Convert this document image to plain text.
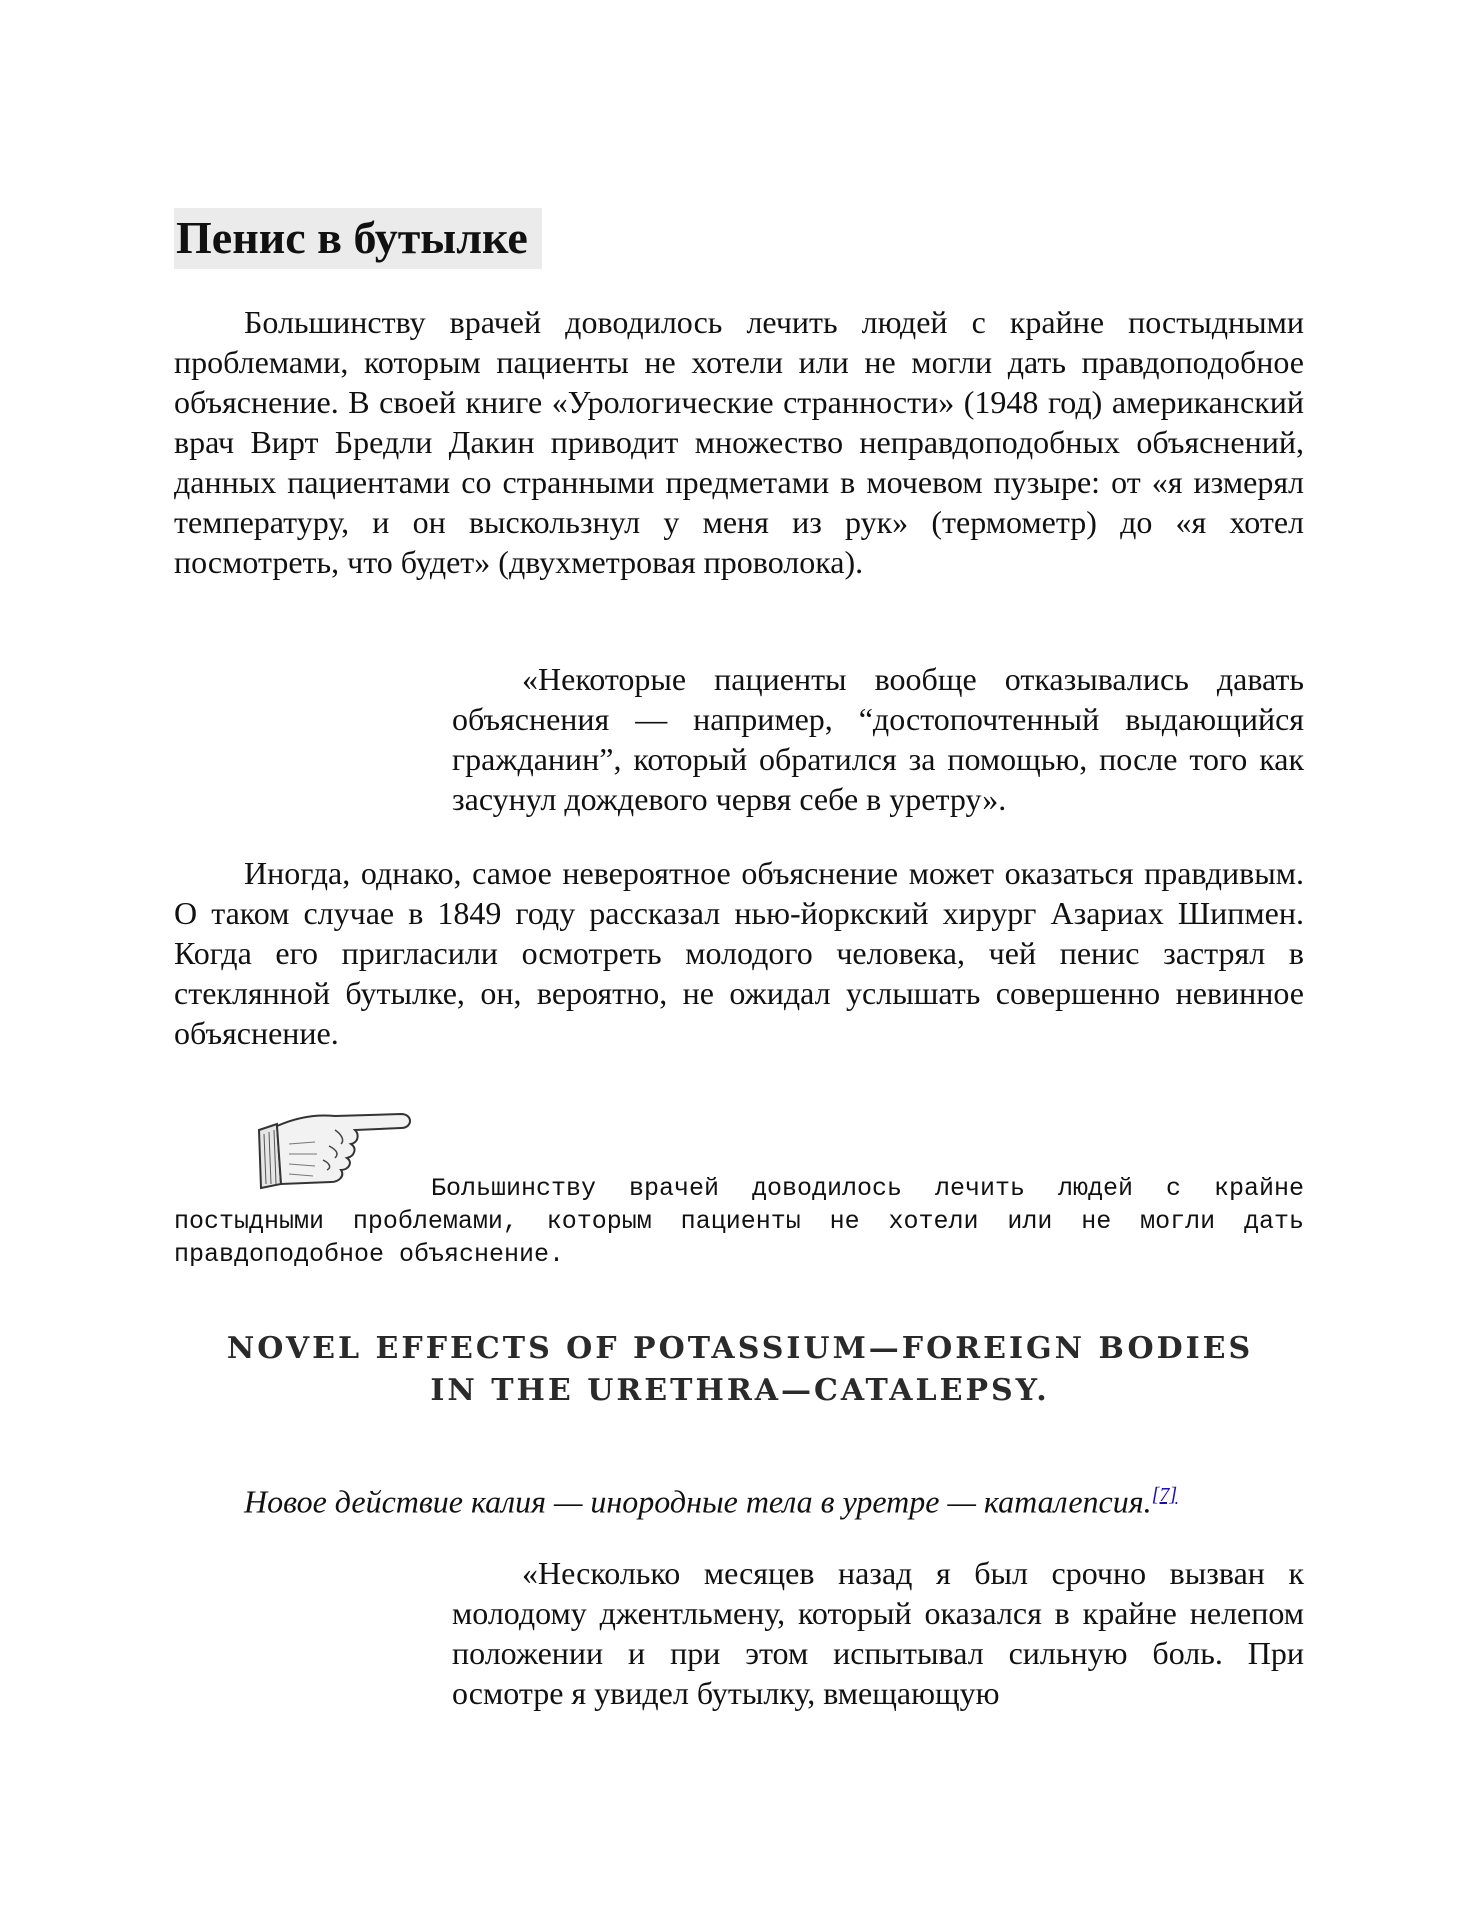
Пенис в бутылке

Большинству врачей доводилось лечить людей с крайне постыдными проблемами, которым пациенты не хотели или не могли дать правдоподобное объяснение. В своей книге «Урологические странности» (1948 год) американский врач Вирт Бредли Дакин приводит множество неправдоподобных объяснений, данных пациентами со странными предметами в мочевом пузыре: от «я измерял температуру, и он выскользнул у меня из рук» (термометр) до «я хотел посмотреть, что будет» (двухметровая проволока).

«Некоторые пациенты вообще отказывались давать объяснения — например, “достопочтенный выдающийся гражданин”, который обратился за помощью, после того как засунул дождевого червя себе в уретру».

Иногда, однако, самое невероятное объяснение может оказаться правдивым. О таком случае в 1849 году рассказал нью-йоркский хирург Азариах Шипмен. Когда его пригласили осмотреть молодого человека, чей пенис застрял в стеклянной бутылке, он, вероятно, не ожидал услышать совершенно невинное объяснение.

Большинству врачей доводилось лечить людей с крайне постыдными проблемами, которым пациенты не хотели или не могли дать правдоподобное объяснение.

NOVEL EFFECTS OF POTASSIUM—FOREIGN BODIES
IN THE URETHRA—CATALEPSY.

Новое действие калия — инородные тела в уретре — каталепсия.[7]

«Несколько месяцев назад я был срочно вызван к молодому джентльмену, который оказался в крайне нелепом положении и при этом испытывал сильную боль. При осмотре я увидел бутылку, вмещающую
